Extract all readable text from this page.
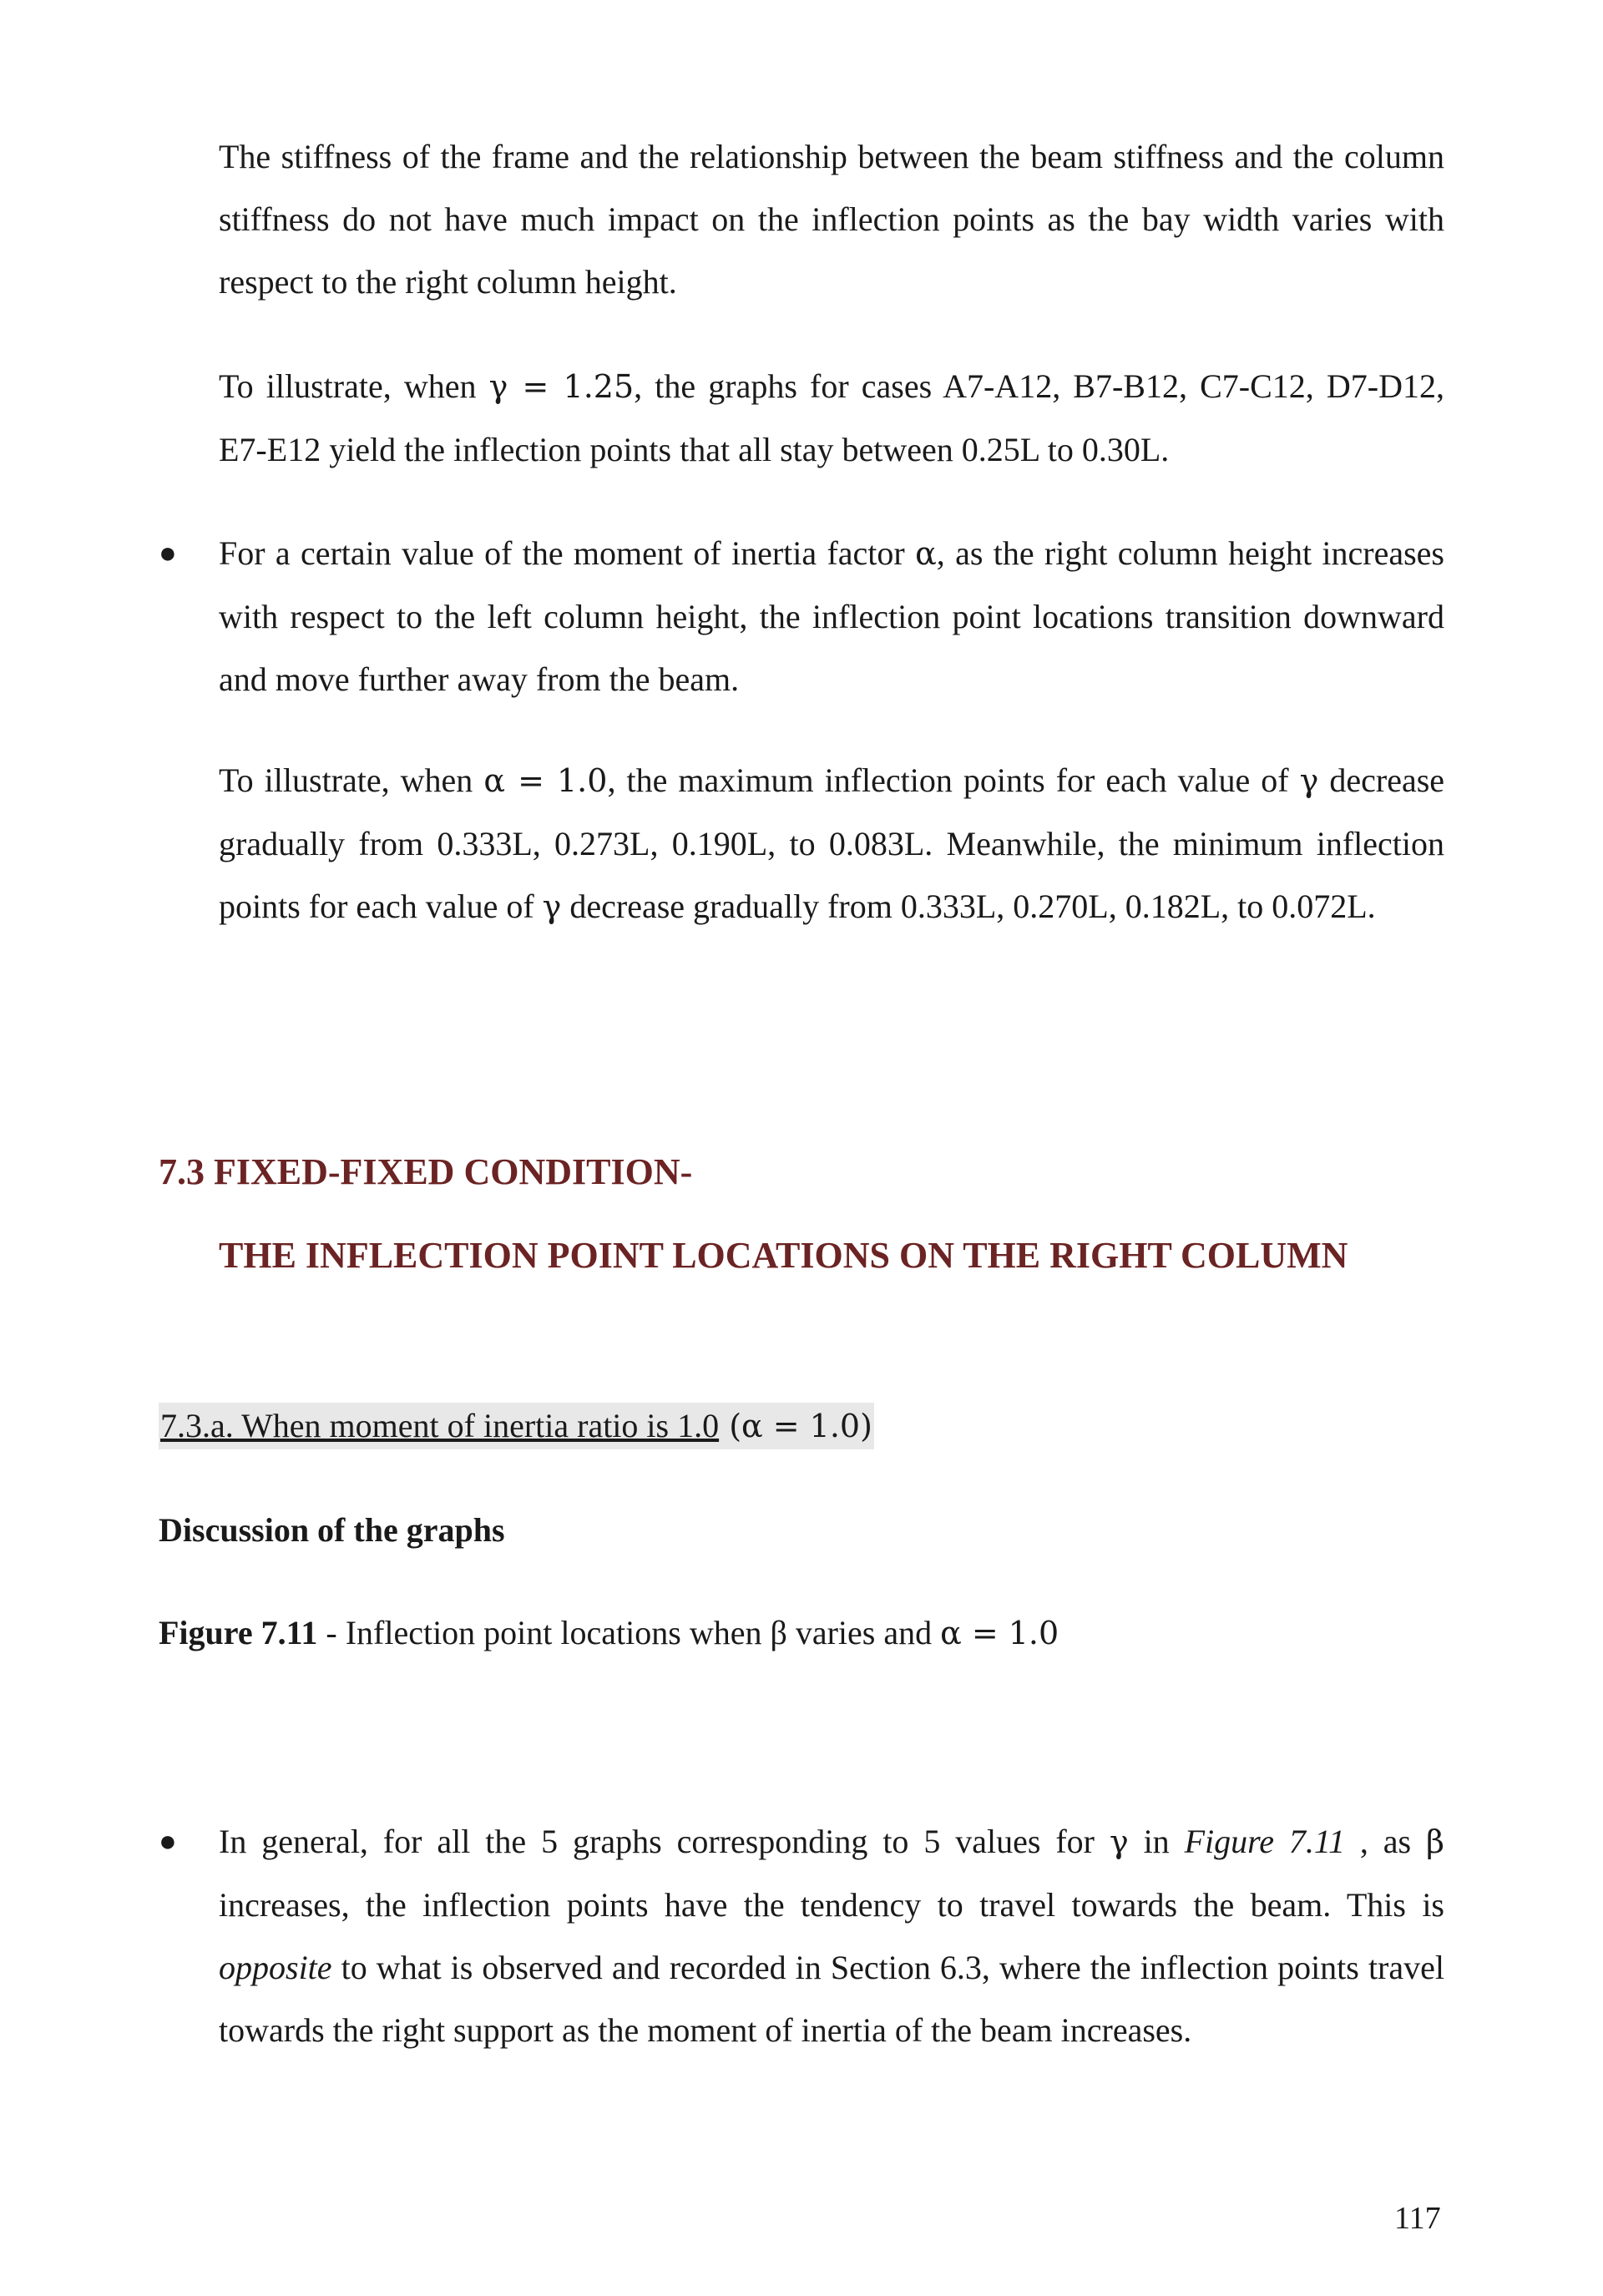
The stiffness of the frame and the relationship between the beam stiffness and the column stiffness do not have much impact on the inflection points as the bay width varies with respect to the right column height.

To illustrate, when γ = 1.25, the graphs for cases A7-A12, B7-B12, C7-C12, D7-D12, E7-E12 yield the inflection points that all stay between 0.25L to 0.30L.

● For a certain value of the moment of inertia factor α, as the right column height increases with respect to the left column height, the inflection point locations transition downward and move further away from the beam.

To illustrate, when α = 1.0, the maximum inflection points for each value of γ decrease gradually from 0.333L, 0.273L, 0.190L, to 0.083L. Meanwhile, the minimum inflection points for each value of γ decrease gradually from 0.333L, 0.270L, 0.182L, to 0.072L.

7.3 FIXED-FIXED CONDITION-
THE INFLECTION POINT LOCATIONS ON THE RIGHT COLUMN
7.3.a. When moment of inertia ratio is 1.0 (α = 1.0)

Discussion of the graphs

Figure 7.11 - Inflection point locations when β varies and α = 1.0

● In general, for all the 5 graphs corresponding to 5 values for γ in Figure 7.11 , as β increases, the inflection points have the tendency to travel towards the beam. This is opposite to what is observed and recorded in Section 6.3, where the inflection points travel towards the right support as the moment of inertia of the beam increases.

117
